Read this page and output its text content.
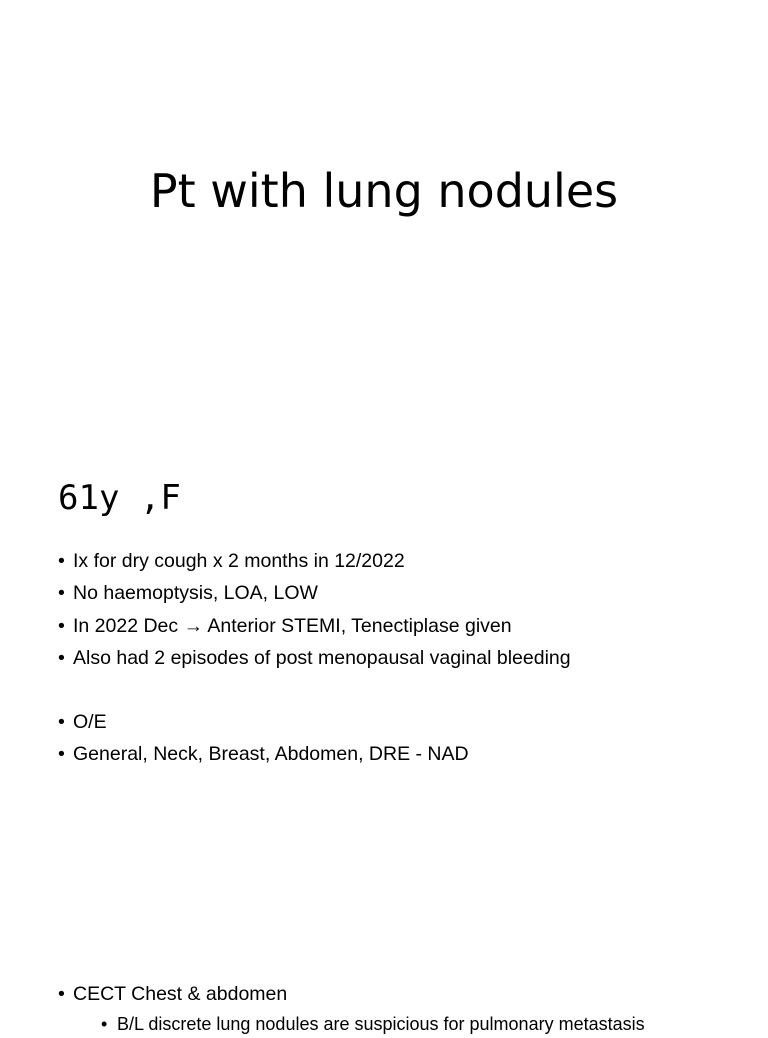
Pt with lung nodules
61y ,F
• Ix for dry cough x 2 months in 12/2022
• No haemoptysis, LOA, LOW
• In 2022 Dec → Anterior STEMI, Tenectiplase given
• Also had 2 episodes of post menopausal vaginal bleeding
• O/E
• General, Neck, Breast, Abdomen, DRE - NAD
• CECT Chest & abdomen
• B/L discrete lung nodules are suspicious for pulmonary metastasis
